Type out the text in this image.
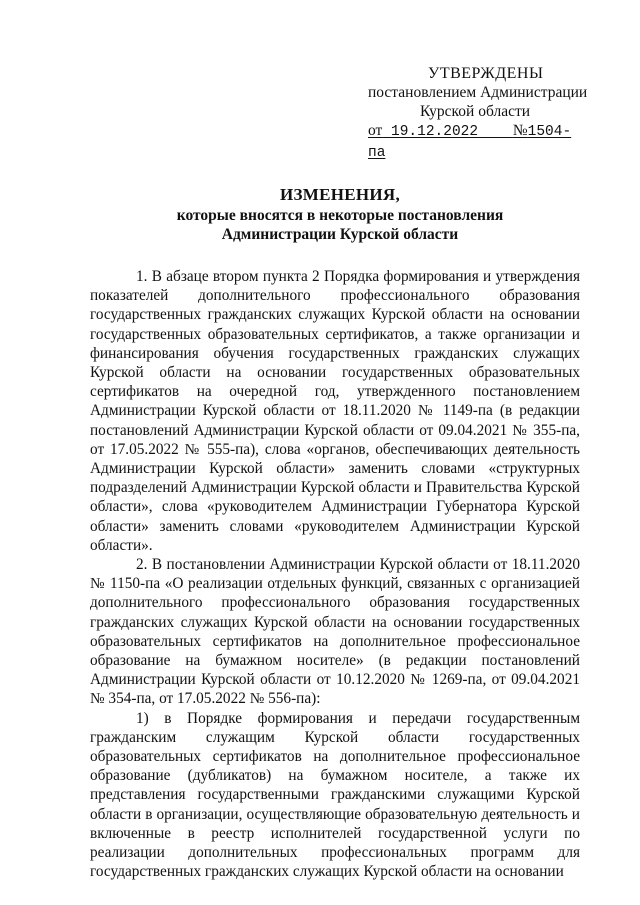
УТВЕРЖДЕНЫ
постановлением Администрации
Курской области
от 19.12.2022 №1504-па
ИЗМЕНЕНИЯ,
которые вносятся в некоторые постановления
Администрации Курской области

1. В абзаце втором пункта 2 Порядка формирования и утверждения показателей дополнительного профессионального образования государственных гражданских служащих Курской области на основании государственных образовательных сертификатов, а также организации и финансирования обучения государственных гражданских служащих Курской области на основании государственных образовательных сертификатов на очередной год, утвержденного постановлением Администрации Курской области от 18.11.2020 № 1149-па (в редакции постановлений Администрации Курской области от 09.04.2021 № 355-па, от 17.05.2022 № 555-па), слова «органов, обеспечивающих деятельность Администрации Курской области» заменить словами «структурных подразделений Администрации Курской области и Правительства Курской области», слова «руководителем Администрации Губернатора Курской области» заменить словами «руководителем Администрации Курской области».

2. В постановлении Администрации Курской области от 18.11.2020 № 1150-па «О реализации отдельных функций, связанных с организацией дополнительного профессионального образования государственных гражданских служащих Курской области на основании государственных образовательных сертификатов на дополнительное профессиональное образование на бумажном носителе» (в редакции постановлений Администрации Курской области от 10.12.2020 № 1269-па, от 09.04.2021 № 354-па, от 17.05.2022 № 556-па):

1) в Порядке формирования и передачи государственным гражданским служащим Курской области государственных образовательных сертификатов на дополнительное профессиональное образование (дубликатов) на бумажном носителе, а также их представления государственными гражданскими служащими Курской области в организации, осуществляющие образовательную деятельность и включенные в реестр исполнителей государственной услуги по реализации дополнительных профессиональных программ для государственных гражданских служащих Курской области на основании
